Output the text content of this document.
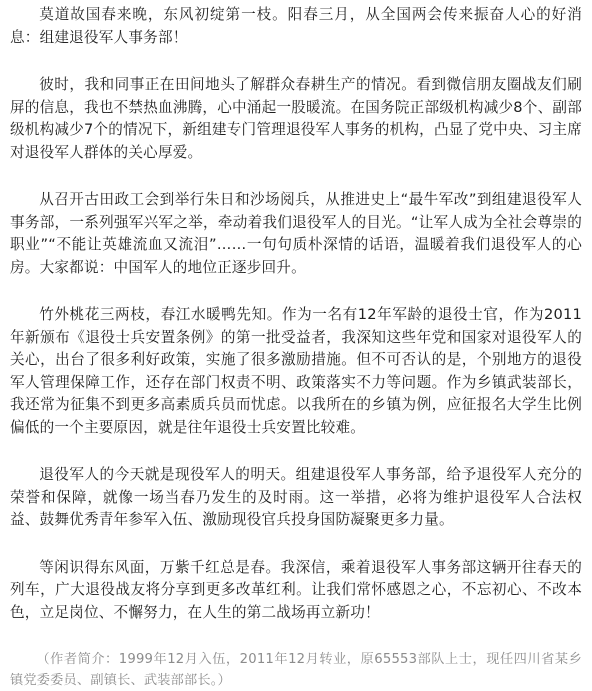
莫道故国春来晚，东风初绽第一枝。阳春三月，从全国两会传来振奋人心的好消息：组建退役军人事务部！

彼时，我和同事正在田间地头了解群众春耕生产的情况。看到微信朋友圈战友们刷屏的信息，我也不禁热血沸腾，心中涌起一股暖流。在国务院正部级机构减少8个、副部级机构减少7个的情况下，新组建专门管理退役军人事务的机构，凸显了党中央、习主席对退役军人群体的关心厚爱。

从召开古田政工会到举行朱日和沙场阅兵，从推进史上“最牛军改”到组建退役军人事务部，一系列强军兴军之举，牵动着我们退役军人的目光。“让军人成为全社会尊崇的职业”“不能让英雄流血又流泪”……一句句质朴深情的话语，温暖着我们退役军人的心房。大家都说：中国军人的地位正逐步回升。

竹外桃花三两枝，春江水暖鸭先知。作为一名有12年军龄的退役士官，作为2011年新颁布《退役士兵安置条例》的第一批受益者，我深知这些年党和国家对退役军人的关心，出台了很多利好政策，实施了很多激励措施。但不可否认的是，个别地方的退役军人管理保障工作，还存在部门权责不明、政策落实不力等问题。作为乡镇武装部长，我还常为征集不到更多高素质兵员而忧虑。以我所在的乡镇为例，应征报名大学生比例偏低的一个主要原因，就是往年退役士兵安置比较难。

退役军人的今天就是现役军人的明天。组建退役军人事务部，给予退役军人充分的荣誉和保障，就像一场当春乃发生的及时雨。这一举措，必将为维护退役军人合法权益、鼓舞优秀青年参军入伍、激励现役官兵投身国防凝聚更多力量。

等闲识得东风面，万紫千红总是春。我深信，乘着退役军人事务部这辆开往春天的列车，广大退役战友将分享到更多改革红利。让我们常怀感恩之心，不忘初心、不改本色，立足岗位、不懈努力，在人生的第二战场再立新功！

（作者简介：1999年12月入伍，2011年12月转业，原65553部队上士，现任四川省某乡镇党委委员、副镇长、武装部部长。）
